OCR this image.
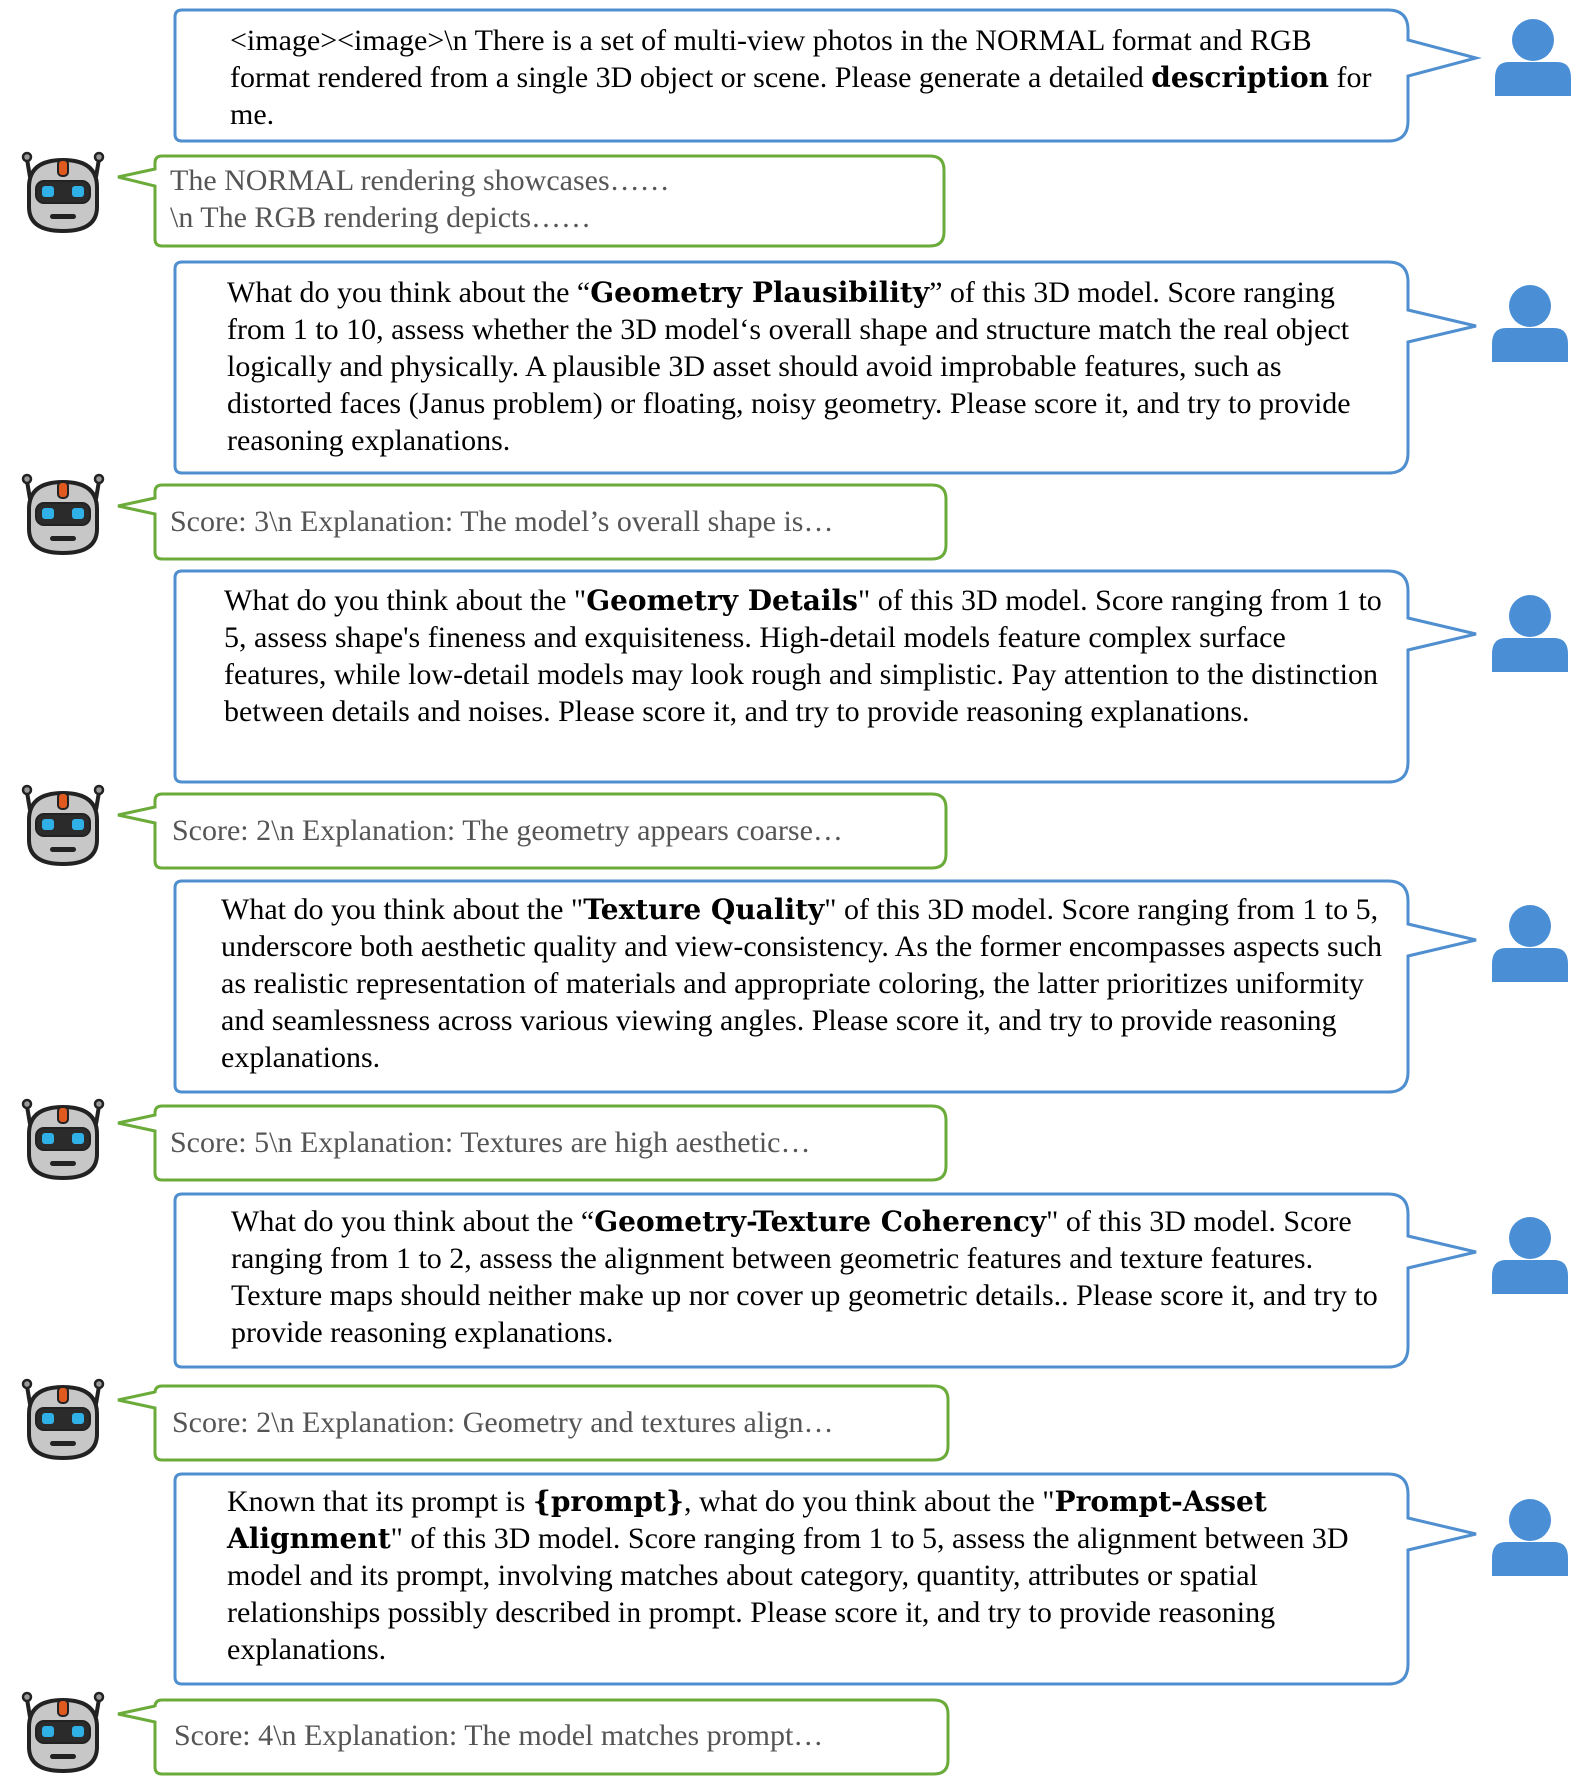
<image><image>\n There is a set of multi-view photos in the NORMAL format and RGB format rendered from a single 3D object or scene. Please generate a detailed description for me.

The NORMAL rendering showcases……
\n The RGB rendering depicts……

What do you think about the “Geometry Plausibility” of this 3D model. Score ranging from 1 to 10, assess whether the 3D model‘s overall shape and structure match the real object logically and physically. A plausible 3D asset should avoid improbable features, such as distorted faces (Janus problem) or floating, noisy geometry. Please score it, and try to provide reasoning explanations.

Score: 3\n Explanation: The model’s overall shape is…

What do you think about the "Geometry Details" of this 3D model. Score ranging from 1 to 5, assess shape's fineness and exquisiteness. High-detail models feature complex surface features, while low-detail models may look rough and simplistic. Pay attention to the distinction between details and noises. Please score it, and try to provide reasoning explanations.

Score: 2\n Explanation: The geometry appears coarse…

What do you think about the "Texture Quality" of this 3D model. Score ranging from 1 to 5, underscore both aesthetic quality and view-consistency. As the former encompasses aspects such as realistic representation of materials and appropriate coloring, the latter prioritizes uniformity and seamlessness across various viewing angles. Please score it, and try to provide reasoning explanations.

Score: 5\n Explanation: Textures are high aesthetic…

What do you think about the “Geometry-Texture Coherency" of this 3D model. Score ranging from 1 to 2, assess the alignment between geometric features and texture features. Texture maps should neither make up nor cover up geometric details.. Please score it, and try to provide reasoning explanations.

Score: 2\n Explanation: Geometry and textures align…

Known that its prompt is {prompt}, what do you think about the "Prompt-Asset Alignment" of this 3D model. Score ranging from 1 to 5, assess the alignment between 3D model and its prompt, involving matches about category, quantity, attributes or spatial relationships possibly described in prompt. Please score it, and try to provide reasoning explanations.

Score: 4\n Explanation: The model matches prompt…
